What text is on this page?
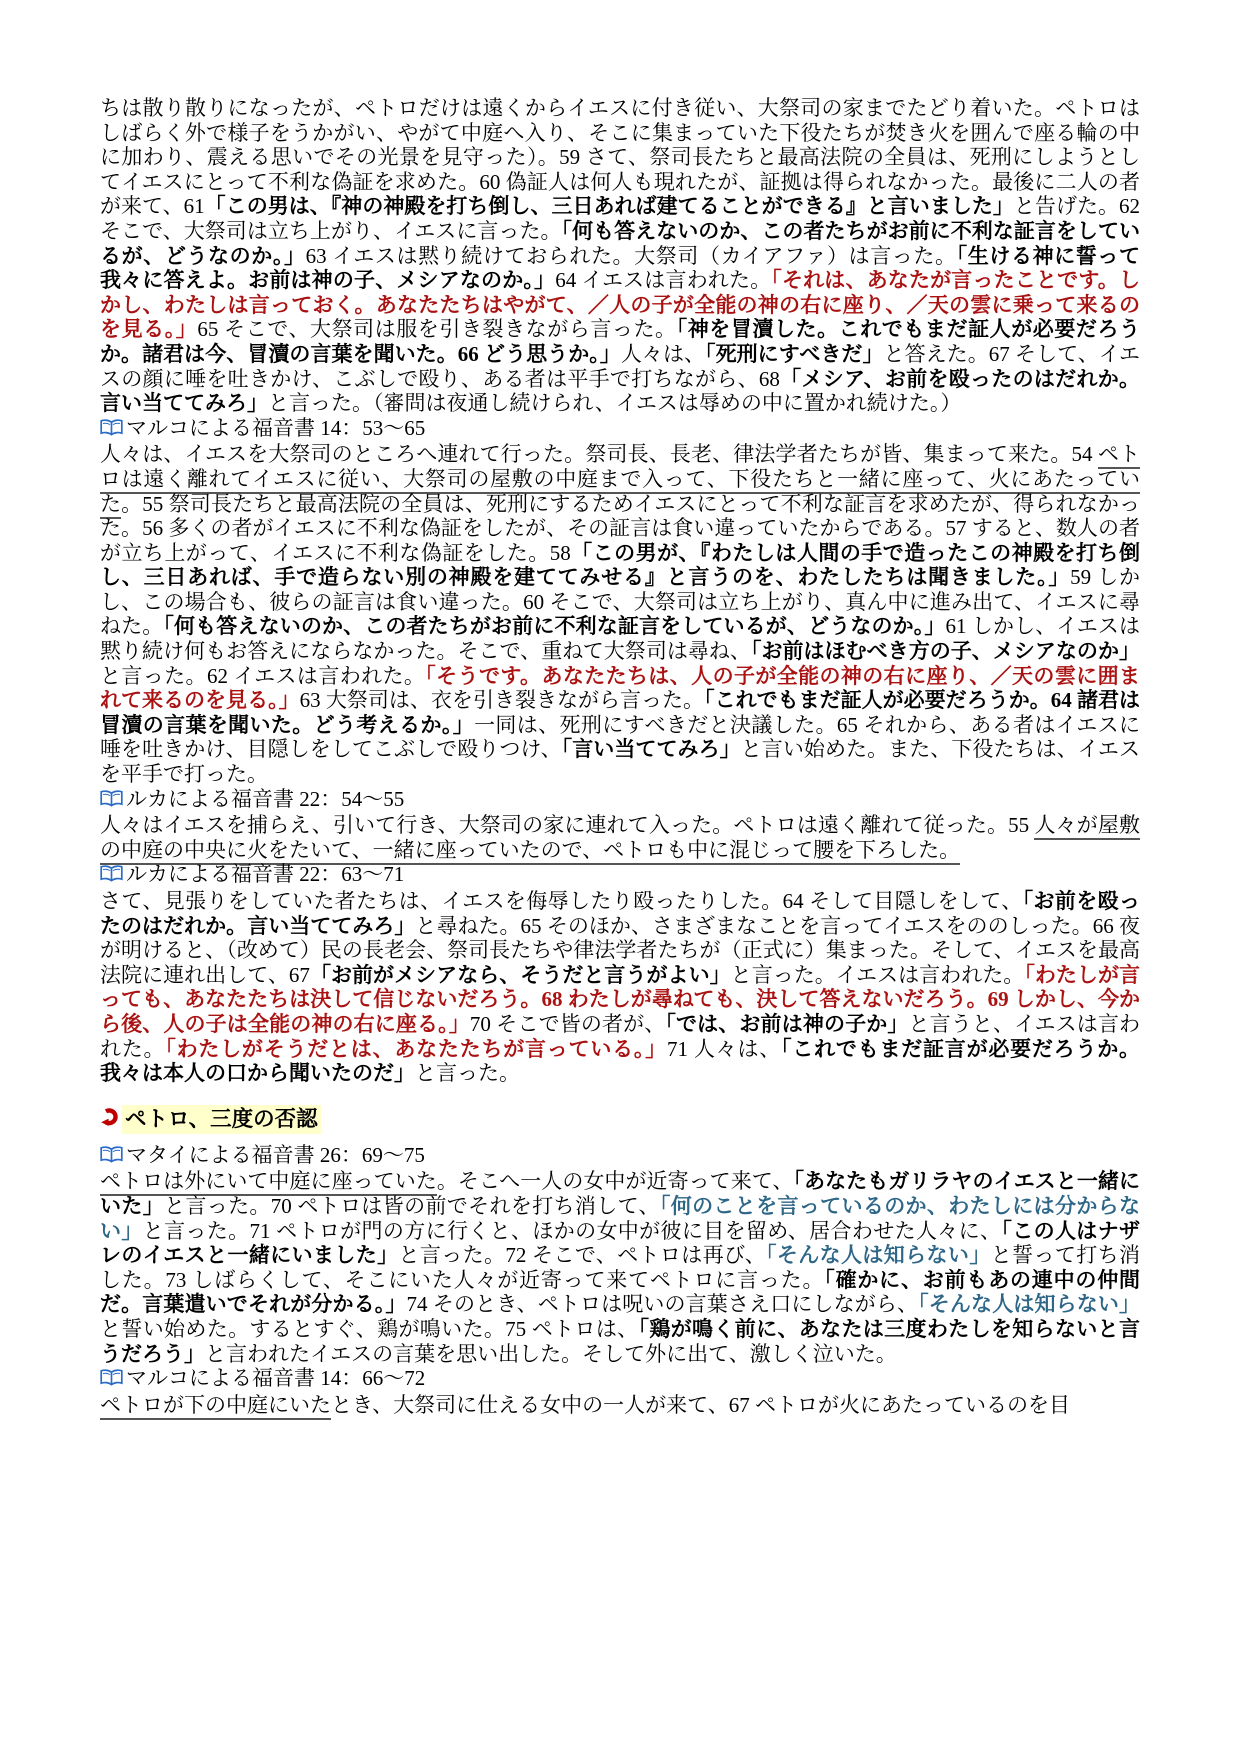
ちは散り散りになったが、ペトロだけは遠くからイエスに付き従い、大祭司の家までたどり着いた。ペトロはしばらく外で様子をうかがい、やがて中庭へ入り、そこに集まっていた下役たちが焚き火を囲んで座る輪の中に加わり、震える思いでその光景を見守った）。59 さて、祭司長たちと最高法院の全員は、死刑にしようとしてイエスにとって不利な偽証を求めた。60 偽証人は何人も現れたが、証拠は得られなかった。最後に二人の者が来て、61「この男は、『神の神殿を打ち倒し、三日あれば建てることができる』と言いました」と告げた。62 そこで、大祭司は立ち上がり、イエスに言った。「何も答えないのか、この者たちがお前に不利な証言をしているが、どうなのか。」63 イエスは黙り続けておられた。大祭司（カイアファ）は言った。「生ける神に誓って我々に答えよ。お前は神の子、メシアなのか。」64 イエスは言われた。「それは、あなたが言ったことです。しかし、わたしは言っておく。あなたたちはやがて、／人の子が全能の神の右に座り、／天の雲に乗って来るのを見る。」65 そこで、大祭司は服を引き裂きながら言った。「神を冒瀆した。これでもまだ証人が必要だろうか。諸君は今、冒瀆の言葉を聞いた。66 どう思うか。」人々は、「死刑にすべきだ」と答えた。67 そして、イエスの顔に唾を吐きかけ、こぶしで殴り、ある者は平手で打ちながら、68「メシア、お前を殴ったのはだれか。言い当ててみろ」と言った。（審問は夜通し続けられ、イエスは辱めの中に置かれ続けた。）

マルコによる福音書 14：53～65

人々は、イエスを大祭司のところへ連れて行った。祭司長、長老、律法学者たちが皆、集まって来た。54 ペトロは遠く離れてイエスに従い、大祭司の屋敷の中庭まで入って、下役たちと一緒に座って、火にあたっていた。55 祭司長たちと最高法院の全員は、死刑にするためイエスにとって不利な証言を求めたが、得られなかった。56 多くの者がイエスに不利な偽証をしたが、その証言は食い違っていたからである。57 すると、数人の者が立ち上がって、イエスに不利な偽証をした。58「この男が、『わたしは人間の手で造ったこの神殿を打ち倒し、三日あれば、手で造らない別の神殿を建ててみせる』と言うのを、わたしたちは聞きました。」59 しかし、この場合も、彼らの証言は食い違った。60 そこで、大祭司は立ち上がり、真ん中に進み出て、イエスに尋ねた。「何も答えないのか、この者たちがお前に不利な証言をしているが、どうなのか。」61 しかし、イエスは黙り続け何もお答えにならなかった。そこで、重ねて大祭司は尋ね、「お前はほむべき方の子、メシアなのか」と言った。62 イエスは言われた。「そうです。あなたたちは、人の子が全能の神の右に座り、／天の雲に囲まれて来るのを見る。」63 大祭司は、衣を引き裂きながら言った。「これでもまだ証人が必要だろうか。64 諸君は冒瀆の言葉を聞いた。どう考えるか。」一同は、死刑にすべきだと決議した。65 それから、ある者はイエスに唾を吐きかけ、目隠しをしてこぶしで殴りつけ、「言い当ててみろ」と言い始めた。また、下役たちは、イエスを平手で打った。

ルカによる福音書 22：54～55

人々はイエスを捕らえ、引いて行き、大祭司の家に連れて入った。ペトロは遠く離れて従った。55 人々が屋敷の中庭の中央に火をたいて、一緒に座っていたので、ペトロも中に混じって腰を下ろした。

ルカによる福音書 22：63～71

さて、見張りをしていた者たちは、イエスを侮辱したり殴ったりした。64 そして目隠しをして、「お前を殴ったのはだれか。言い当ててみろ」と尋ねた。65 そのほか、さまざまなことを言ってイエスをののしった。66 夜が明けると、（改めて）民の長老会、祭司長たちや律法学者たちが（正式に）集まった。そして、イエスを最高法院に連れ出して、67「お前がメシアなら、そうだと言うがよい」と言った。イエスは言われた。「わたしが言っても、あなたたちは決して信じないだろう。68 わたしが尋ねても、決して答えないだろう。69 しかし、今から後、人の子は全能の神の右に座る。」70 そこで皆の者が、「では、お前は神の子か」と言うと、イエスは言われた。「わたしがそうだとは、あなたたちが言っている。」71 人々は、「これでもまだ証言が必要だろうか。我々は本人の口から聞いたのだ」と言った。

ペトロ、三度の否認

マタイによる福音書 26：69～75

ペトロは外にいて中庭に座っていた。そこへ一人の女中が近寄って来て、「あなたもガリラヤのイエスと一緒にいた」と言った。70 ペトロは皆の前でそれを打ち消して、「何のことを言っているのか、わたしには分からない」と言った。71 ペトロが門の方に行くと、ほかの女中が彼に目を留め、居合わせた人々に、「この人はナザレのイエスと一緒にいました」と言った。72 そこで、ペトロは再び、「そんな人は知らない」と誓って打ち消した。73 しばらくして、そこにいた人々が近寄って来てペトロに言った。「確かに、お前もあの連中の仲間だ。言葉遣いでそれが分かる。」74 そのとき、ペトロは呪いの言葉さえ口にしながら、「そんな人は知らない」と誓い始めた。するとすぐ、鶏が鳴いた。75 ペトロは、「鶏が鳴く前に、あなたは三度わたしを知らないと言うだろう」と言われたイエスの言葉を思い出した。そして外に出て、激しく泣いた。

マルコによる福音書 14：66～72

ペトロが下の中庭にいたとき、大祭司に仕える女中の一人が来て、67 ペトロが火にあたっているのを目
